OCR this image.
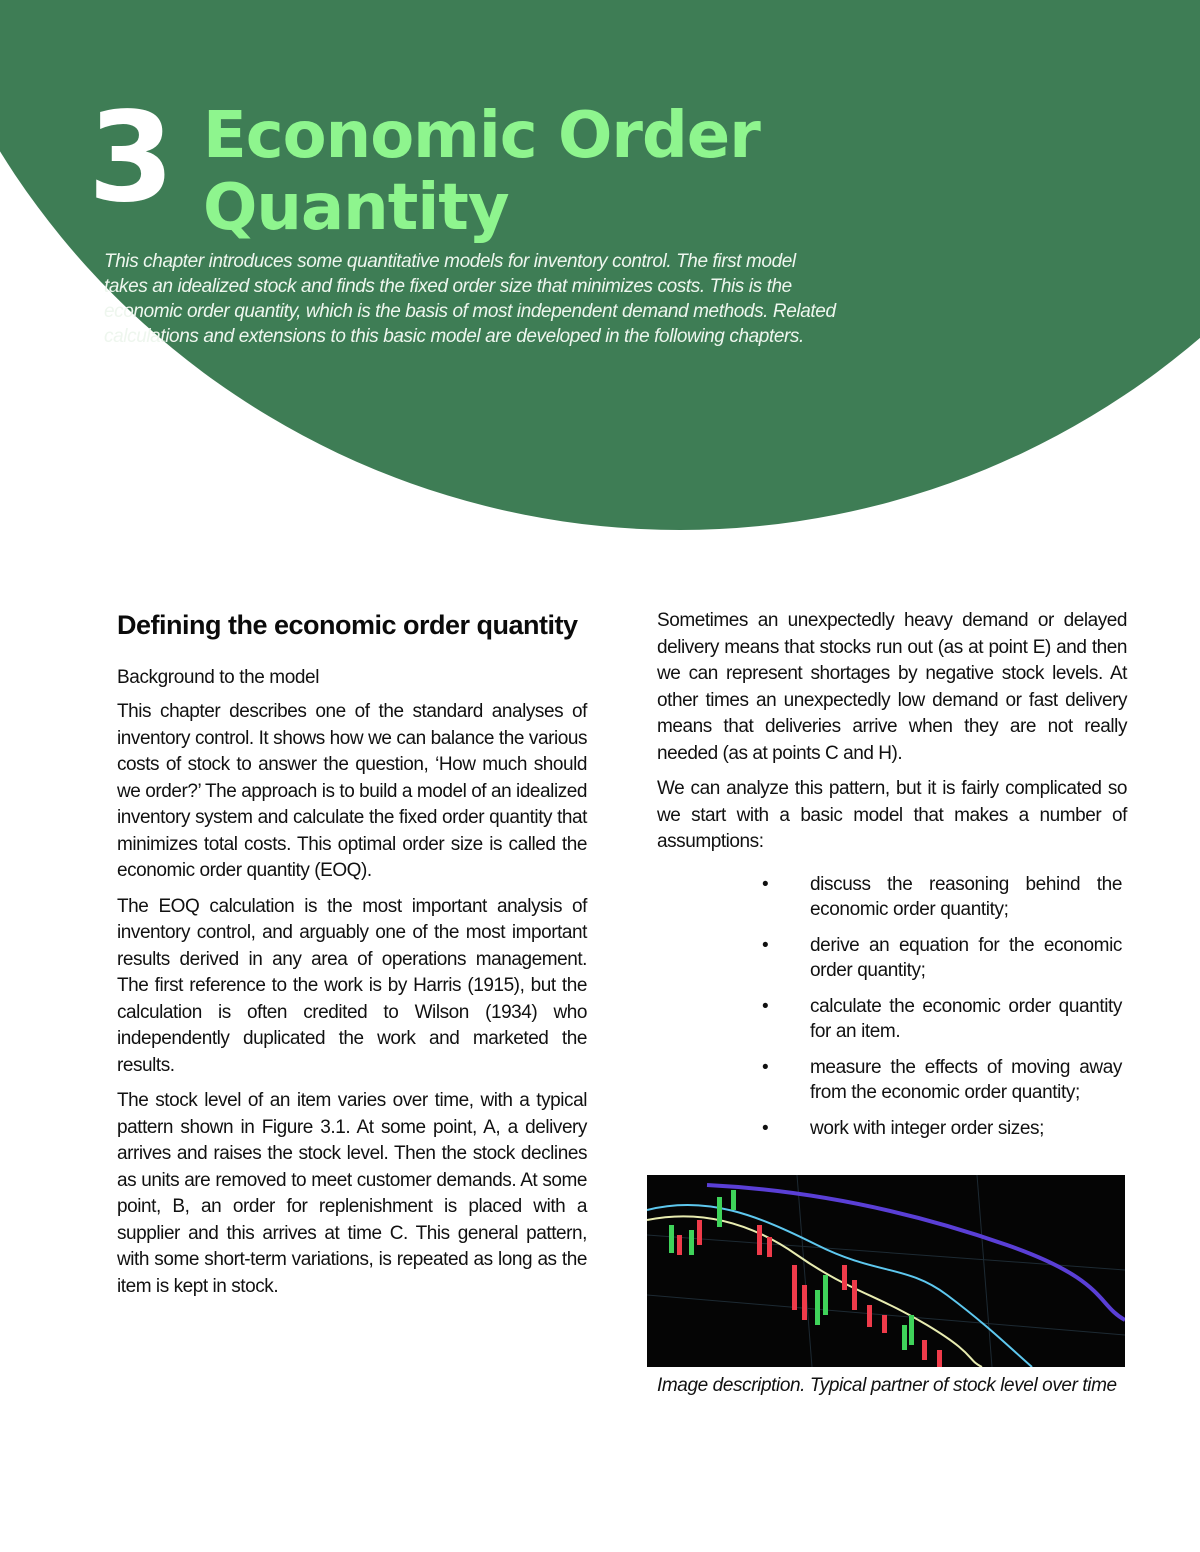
3 Economic Order
Quantity
This chapter introduces some quantitative models for inventory control. The first model takes an idealized stock and finds the fixed order size that minimizes costs. This is the economic order quantity, which is the basis of most independent demand methods. Related calculations and extensions to this basic model are developed in the following chapters.
Defining the economic order quantity

Background to the model

This chapter describes one of the standard analyses of inventory control. It shows how we can balance the various costs of stock to answer the question, ‘How much should we order?’ The approach is to build a model of an idealized inventory system and calculate the fixed order quantity that minimizes total costs. This optimal order size is called the economic order quantity (EOQ).

The EOQ calculation is the most important analysis of inventory control, and arguably one of the most important results derived in any area of operations management. The first reference to the work is by Harris (1915), but the calculation is often credited to Wilson (1934) who independently duplicated the work and marketed the results.

The stock level of an item varies over time, with a typical pattern shown in Figure 3.1. At some point, A, a delivery arrives and raises the stock level. Then the stock declines as units are removed to meet customer demands. At some point, B, an order for replenishment is placed with a supplier and this arrives at time C. This general pattern, with some short-term variations, is repeated as long as the item is kept in stock.

Sometimes an unexpectedly heavy demand or delayed delivery means that stocks run out (as at point E) and then we can represent shortages by negative stock levels. At other times an unexpectedly low demand or fast delivery means that deliveries arrive when they are not really needed (as at points C and H).

We can analyze this pattern, but it is fairly complicated so we start with a basic model that makes a number of assumptions:

• discuss the reasoning behind the economic order quantity;
• derive an equation for the economic order quantity;
• calculate the economic order quantity for an item.
• measure the effects of moving away from the economic order quantity;
• work with integer order sizes;
Image description. Typical partner of stock level over time
